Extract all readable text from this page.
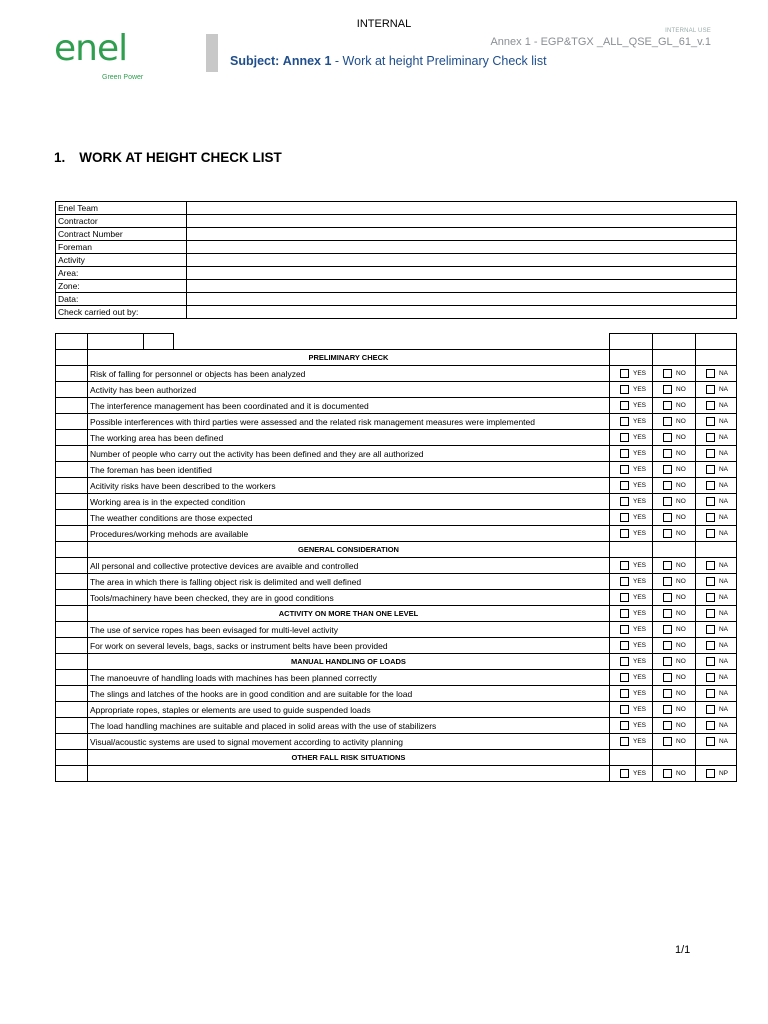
INTERNAL
INTERNAL USE
Annex 1 - EGP&TGX _ALL_QSE_GL_61_v.1
enel
Green Power
Subject: Annex 1 - Work at height Preliminary Check list
1. WORK AT HEIGHT CHECK LIST
Enel Team	
Contractor	
Contract Number	
Foreman	
Activity	
Area:	
Zone:	
Data:	
Check carried out by:	

	PRELIMINARY CHECK					
	Risk of falling for personnel or objects has been analyzed			YES	NO	NA

	Activity has been authorized			YES	NO	NA

	The interference management has been coordinated and it is documented			YES	NO	NA

	Possible interferences with third parties were assessed and the related risk management measures were implemented			YES	NO	NA

	The working area has been defined			YES	NO	NA

	Number of people who carry out the activity has been defined and they are all authorized			YES	NO	NA

	The foreman has been identified			YES	NO	NA

	Acitivity risks have been described to the workers			YES	NO	NA

	Working area is in the expected condition			YES	NO	NA

	The weather conditions are those expected			YES	NO	NA

	Procedures/working mehods are available			YES	NO	NA

	GENERAL CONSIDERATION					
	All personal and collective protective devices are avaible and controlled			YES	NO	NA

	The area in which there is falling object risk is delimited and well defined			YES	NO	NA

	Tools/machinery have been checked, they are in good conditions			YES	NO	NA

	ACTIVITY ON MORE THAN ONE LEVEL			YES	NO	NA

	The use of service ropes has been evisaged for multi-level activity			YES	NO	NA

	For work on several levels, bags, sacks or instrument belts have been provided			YES	NO	NA

	MANUAL HANDLING OF LOADS			YES	NO	NA

	The manoeuvre of handling loads with machines has been planned correctly			YES	NO	NA

	The slings and latches of the hooks are in good condition and are suitable for the load			YES	NO	NA

	Appropriate ropes, staples or elements are used to guide suspended loads			YES	NO	NA

	The load handling machines are suitable and placed in solid areas with the use of stabilizers			YES	NO	NA

	Visual/acoustic systems are used to signal movement according to activity planning			YES	NO	NA

	OTHER FALL RISK SITUATIONS					

				YES	NO	NP
1/1
